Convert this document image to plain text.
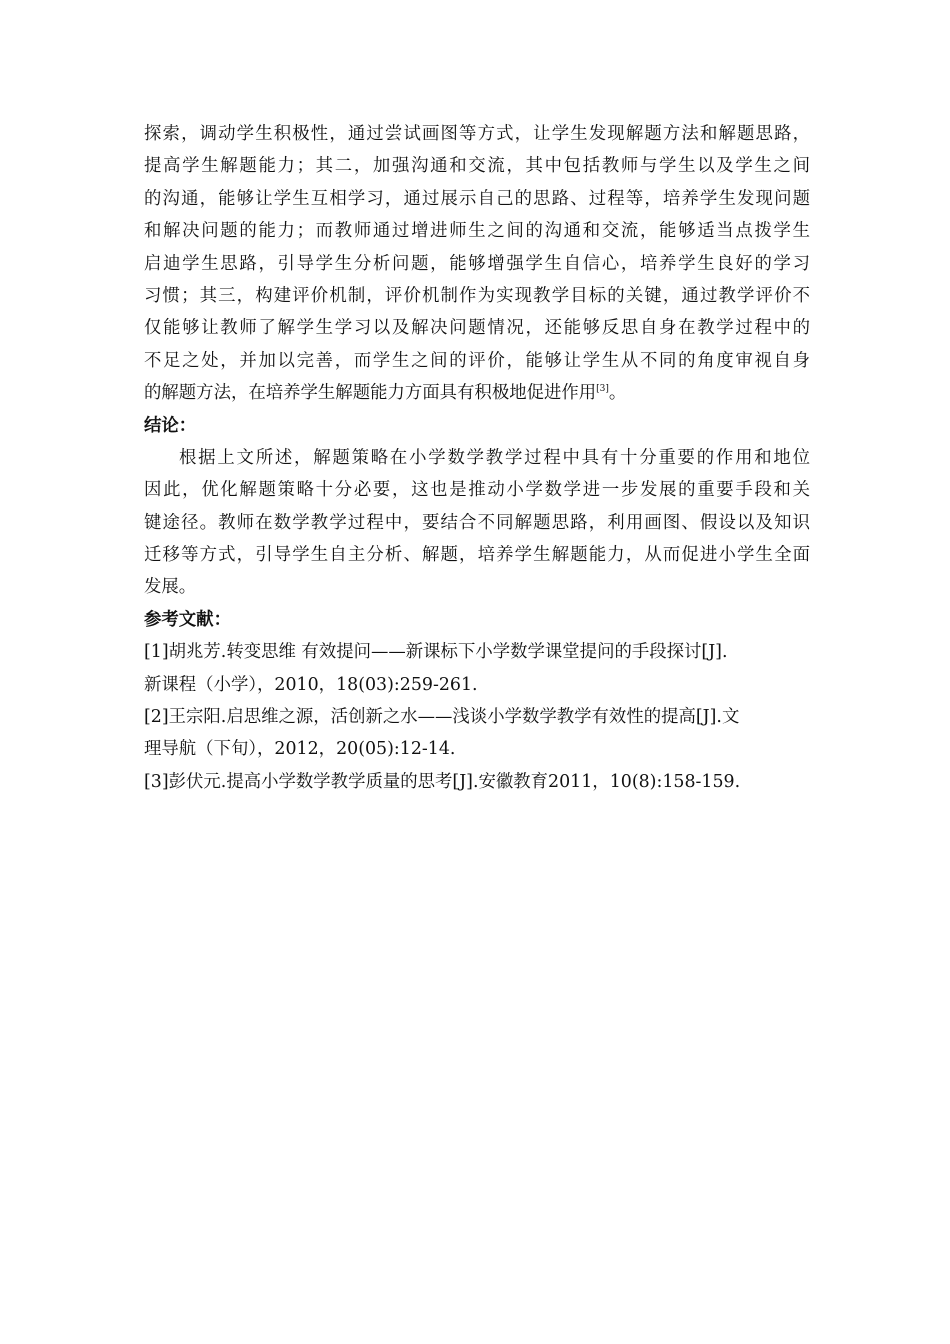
探索，调动学生积极性，通过尝试画图等方式，让学生发现解题方法和解题思路，
提高学生解题能力；其二，加强沟通和交流，其中包括教师与学生以及学生之间
的沟通，能够让学生互相学习，通过展示自己的思路、过程等，培养学生发现问题
和解决问题的能力；而教师通过增进师生之间的沟通和交流，能够适当点拨学生
启迪学生思路，引导学生分析问题，能够增强学生自信心，培养学生良好的学习
习惯；其三，构建评价机制，评价机制作为实现教学目标的关键，通过教学评价不
仅能够让教师了解学生学习以及解决问题情况，还能够反思自身在教学过程中的
不足之处，并加以完善，而学生之间的评价，能够让学生从不同的角度审视自身
的解题方法，在培养学生解题能力方面具有积极地促进作用[3]。
结论：
根据上文所述，解题策略在小学数学教学过程中具有十分重要的作用和地位
因此，优化解题策略十分必要，这也是推动小学数学进一步发展的重要手段和关
键途径。教师在数学教学过程中，要结合不同解题思路，利用画图、假设以及知识
迁移等方式，引导学生自主分析、解题，培养学生解题能力，从而促进小学生全面
发展。
参考文献：
[1]胡兆芳.转变思维 有效提问——新课标下小学数学课堂提问的手段探讨[J].
新课程（小学），2010，18(03):259-261.
[2]王宗阳.启思维之源，活创新之水——浅谈小学数学教学有效性的提高[J].文
理导航（下旬），2012，20(05):12-14.
[3]彭伏元.提高小学数学教学质量的思考[J].安徽教育2011，10(8):158-159.
